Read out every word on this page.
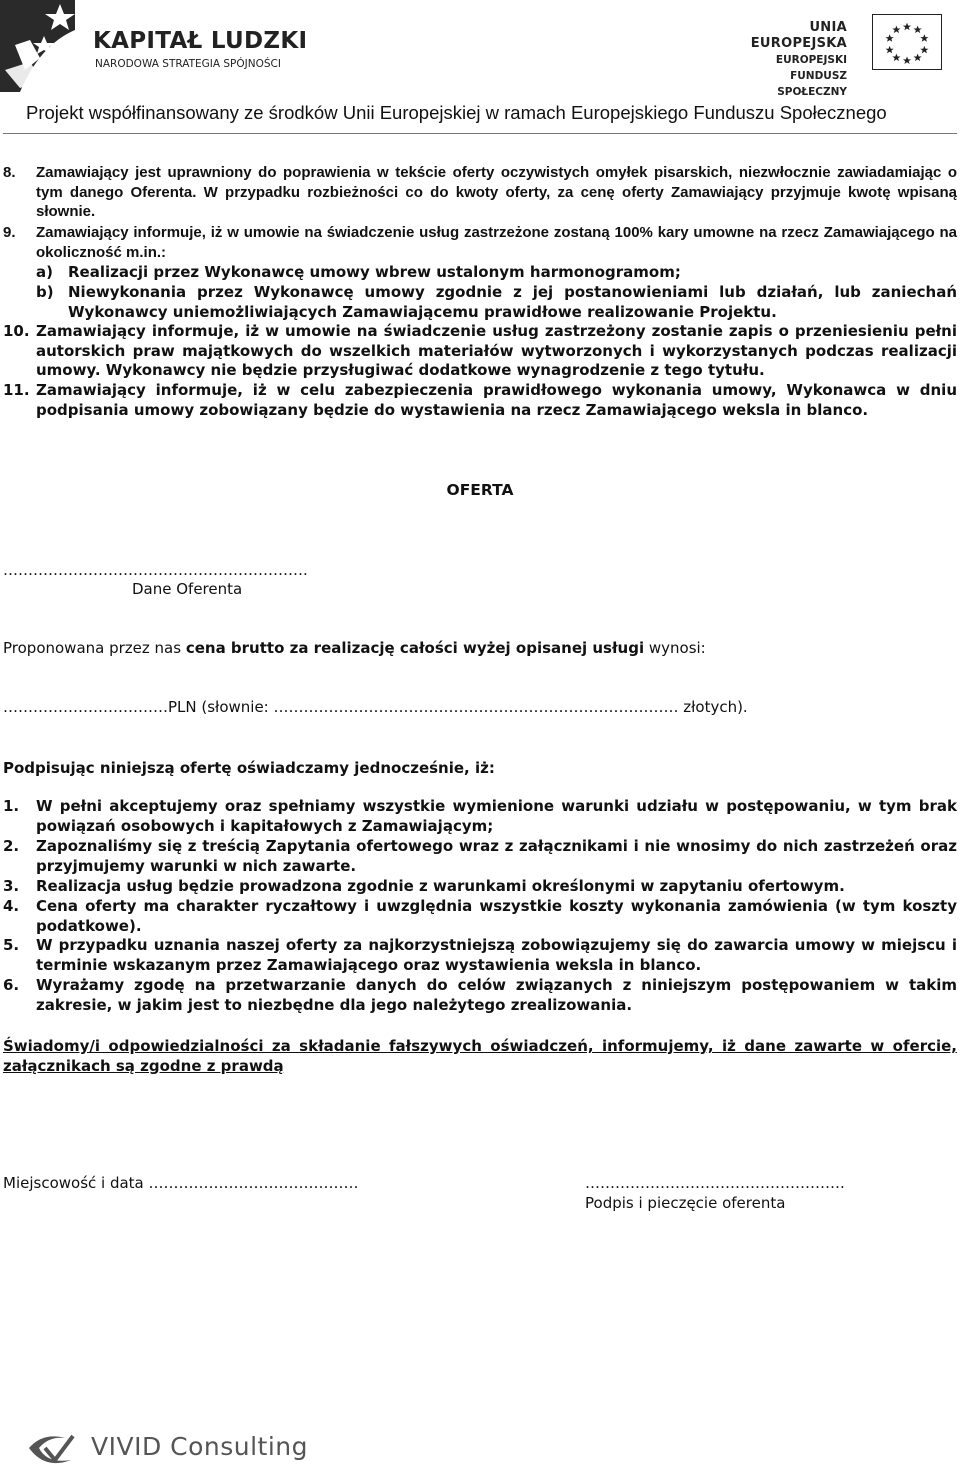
KAPITAŁ LUDZKI
NARODOWA STRATEGIA SPÓJNOŚCI
UNIA EUROPEJSKA
EUROPEJSKI
FUNDUSZ SPOŁECZNY
Projekt współfinansowany ze środków Unii Europejskiej w ramach Europejskiego Funduszu Społecznego
8. Zamawiający jest uprawniony do poprawienia w tekście oferty oczywistych omyłek pisarskich, niezwłocznie zawiadamiając o tym danego Oferenta. W przypadku rozbieżności co do kwoty oferty, za cenę oferty Zamawiający przyjmuje kwotę wpisaną słownie.
9. Zamawiający informuje, iż w umowie na świadczenie usług zastrzeżone zostaną 100% kary umowne na rzecz Zamawiającego na okoliczność m.in.:
a) Realizacji przez Wykonawcę umowy wbrew ustalonym harmonogramom;
b) Niewykonania przez Wykonawcę umowy zgodnie z jej postanowieniami lub działań, lub zaniechań Wykonawcy uniemożliwiających Zamawiającemu prawidłowe realizowanie Projektu.
10. Zamawiający informuje, iż w umowie na świadczenie usług zastrzeżony zostanie zapis o przeniesieniu pełni autorskich praw majątkowych do wszelkich materiałów wytworzonych i wykorzystanych podczas realizacji umowy. Wykonawcy nie będzie przysługiwać dodatkowe wynagrodzenie z tego tytułu.
11. Zamawiający informuje, iż w celu zabezpieczenia prawidłowego wykonania umowy, Wykonawca w dniu podpisania umowy zobowiązany będzie do wystawienia na rzecz Zamawiającego weksla in blanco.
OFERTA
…………………………………………………….
Dane Oferenta
Proponowana przez nas cena brutto za realizację całości wyżej opisanej usługi wynosi:
……………………………PLN (słownie: ……………………………………………………………………… złotych).
Podpisując niniejszą ofertę oświadczamy jednocześnie, iż:
1. W pełni akceptujemy oraz spełniamy wszystkie wymienione warunki udziału w postępowaniu, w tym brak powiązań osobowych i kapitałowych z Zamawiającym;
2. Zapoznaliśmy się z treścią Zapytania ofertowego wraz z załącznikami i nie wnosimy do nich zastrzeżeń oraz przyjmujemy warunki w nich zawarte.
3. Realizacja usług będzie prowadzona zgodnie z warunkami określonymi w zapytaniu ofertowym.
4. Cena oferty ma charakter ryczałtowy i uwzględnia wszystkie koszty wykonania zamówienia (w tym koszty podatkowe).
5. W przypadku uznania naszej oferty za najkorzystniejszą zobowiązujemy się do zawarcia umowy w miejscu i terminie wskazanym przez Zamawiającego oraz wystawienia weksla in blanco.
6. Wyrażamy zgodę na przetwarzanie danych do celów związanych z niniejszym postępowaniem w takim zakresie, w jakim jest to niezbędne dla jego należytego zrealizowania.
Świadomy/i odpowiedzialności za składanie fałszywych oświadczeń, informujemy, iż dane zawarte w ofercie, załącznikach są zgodne z prawdą
Miejscowość i data ……………………………………	…………………………………………….
Podpis i pieczęcie oferenta
VIVID Consulting
